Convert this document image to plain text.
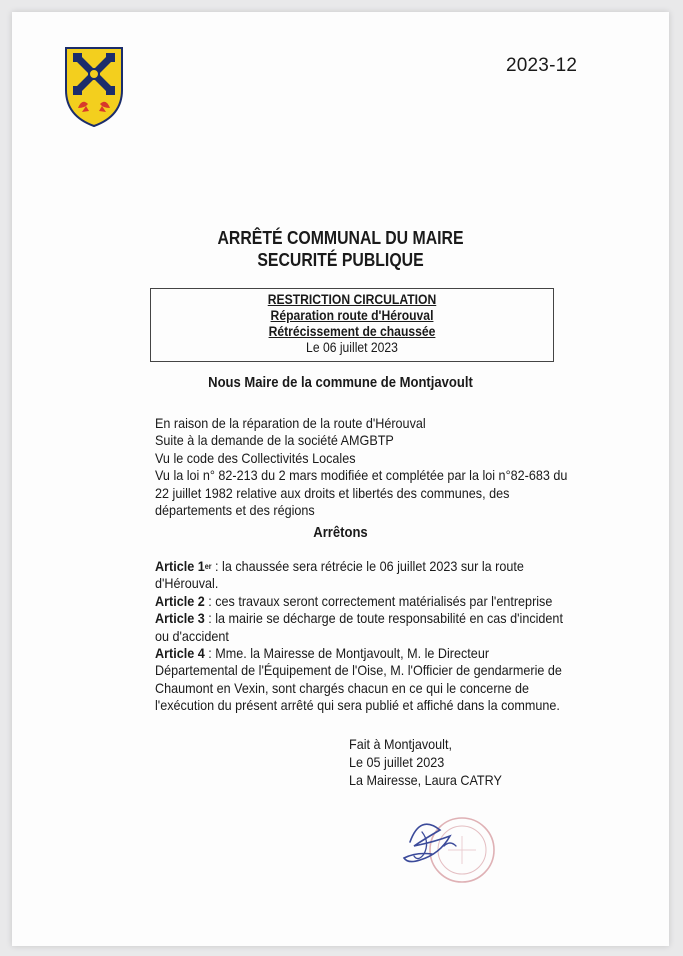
2023-12
ARRÊTÉ COMMUNAL DU MAIRE
SECURITÉ PUBLIQUE
RESTRICTION CIRCULATION
Réparation route d'Hérouval
Rétrécissement de chaussée
Le 06 juillet 2023
Nous Maire de la commune de Montjavoult
En raison de la réparation de la route d'Hérouval
Suite à la demande de la société AMGBTP
Vu le code des Collectivités Locales
Vu la loi n° 82-213 du 2 mars modifiée et complétée par la loi n°82-683 du
22 juillet 1982 relative aux droits et libertés des communes, des
départements et des régions
Arrêtons
Article 1er : la chaussée sera rétrécie le 06 juillet 2023 sur la route
d'Hérouval.
Article 2 : ces travaux seront correctement matérialisés par l'entreprise
Article 3 : la mairie se décharge de toute responsabilité en cas d'incident
ou d'accident
Article 4 : Mme. la Mairesse de Montjavoult, M. le Directeur
Départemental de l'Équipement de l'Oise, M. l'Officier de gendarmerie de
Chaumont en Vexin, sont chargés chacun en ce qui le concerne de
l'exécution du présent arrêté qui sera publié et affiché dans la commune.
Fait à Montjavoult,
Le 05 juillet 2023
La Mairesse, Laura CATRY
